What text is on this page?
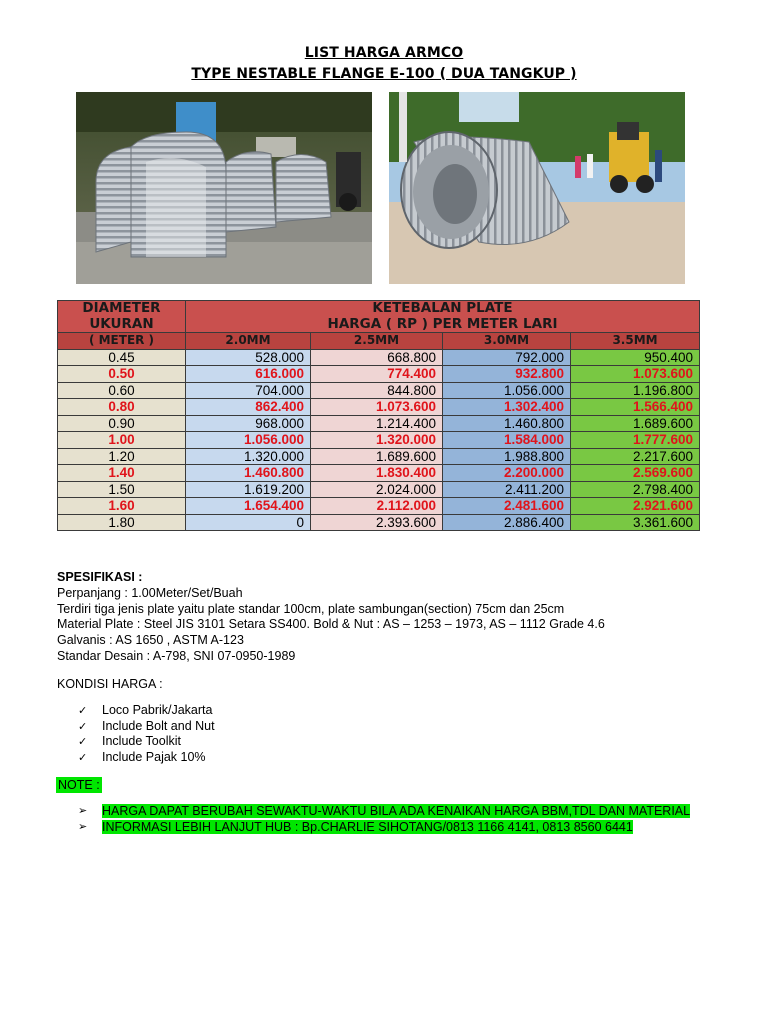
LIST HARGA ARMCO
TYPE NESTABLE FLANGE E-100 ( DUA TANGKUP )
DIAMETER
UKURAN	KETEBALAN PLATE
HARGA ( RP ) PER METER LARI			
( METER )	2.0MM	2.5MM	3.0MM	3.5MM
0.45	528.000	668.800	792.000	950.400
0.50	616.000	774.400	932.800	1.073.600
0.60	704.000	844.800	1.056.000	1.196.800
0.80	862.400	1.073.600	1.302.400	1.566.400
0.90	968.000	1.214.400	1.460.800	1.689.600
1.00	1.056.000	1.320.000	1.584.000	1.777.600
1.20	1.320.000	1.689.600	1.988.800	2.217.600
1.40	1.460.800	1.830.400	2.200.000	2.569.600
1.50	1.619.200	2.024.000	2.411.200	2.798.400
1.60	1.654.400	2.112.000	2.481.600	2.921.600
1.80	0	2.393.600	2.886.400	3.361.600
SPESIFIKASI :
Perpanjang : 1.00Meter/Set/Buah
Terdiri tiga jenis plate yaitu plate standar 100cm, plate sambungan(section) 75cm dan 25cm
Material Plate : Steel JIS 3101 Setara SS400. Bold & Nut : AS – 1253 – 1973, AS – 1112 Grade 4.6
Galvanis : AS 1650 , ASTM A-123
Standar Desain : A-798, SNI 07-0950-1989
KONDISI HARGA :
✓ Loco Pabrik/Jakarta
✓ Include Bolt and Nut
✓ Include Toolkit
✓ Include Pajak 10%
NOTE :
➢ HARGA DAPAT BERUBAH SEWAKTU-WAKTU BILA ADA KENAIKAN HARGA BBM,TDL DAN MATERIAL
➢ INFORMASI LEBIH LANJUT HUB : Bp.CHARLIE SIHOTANG/0813 1166 4141, 0813 8560 6441
